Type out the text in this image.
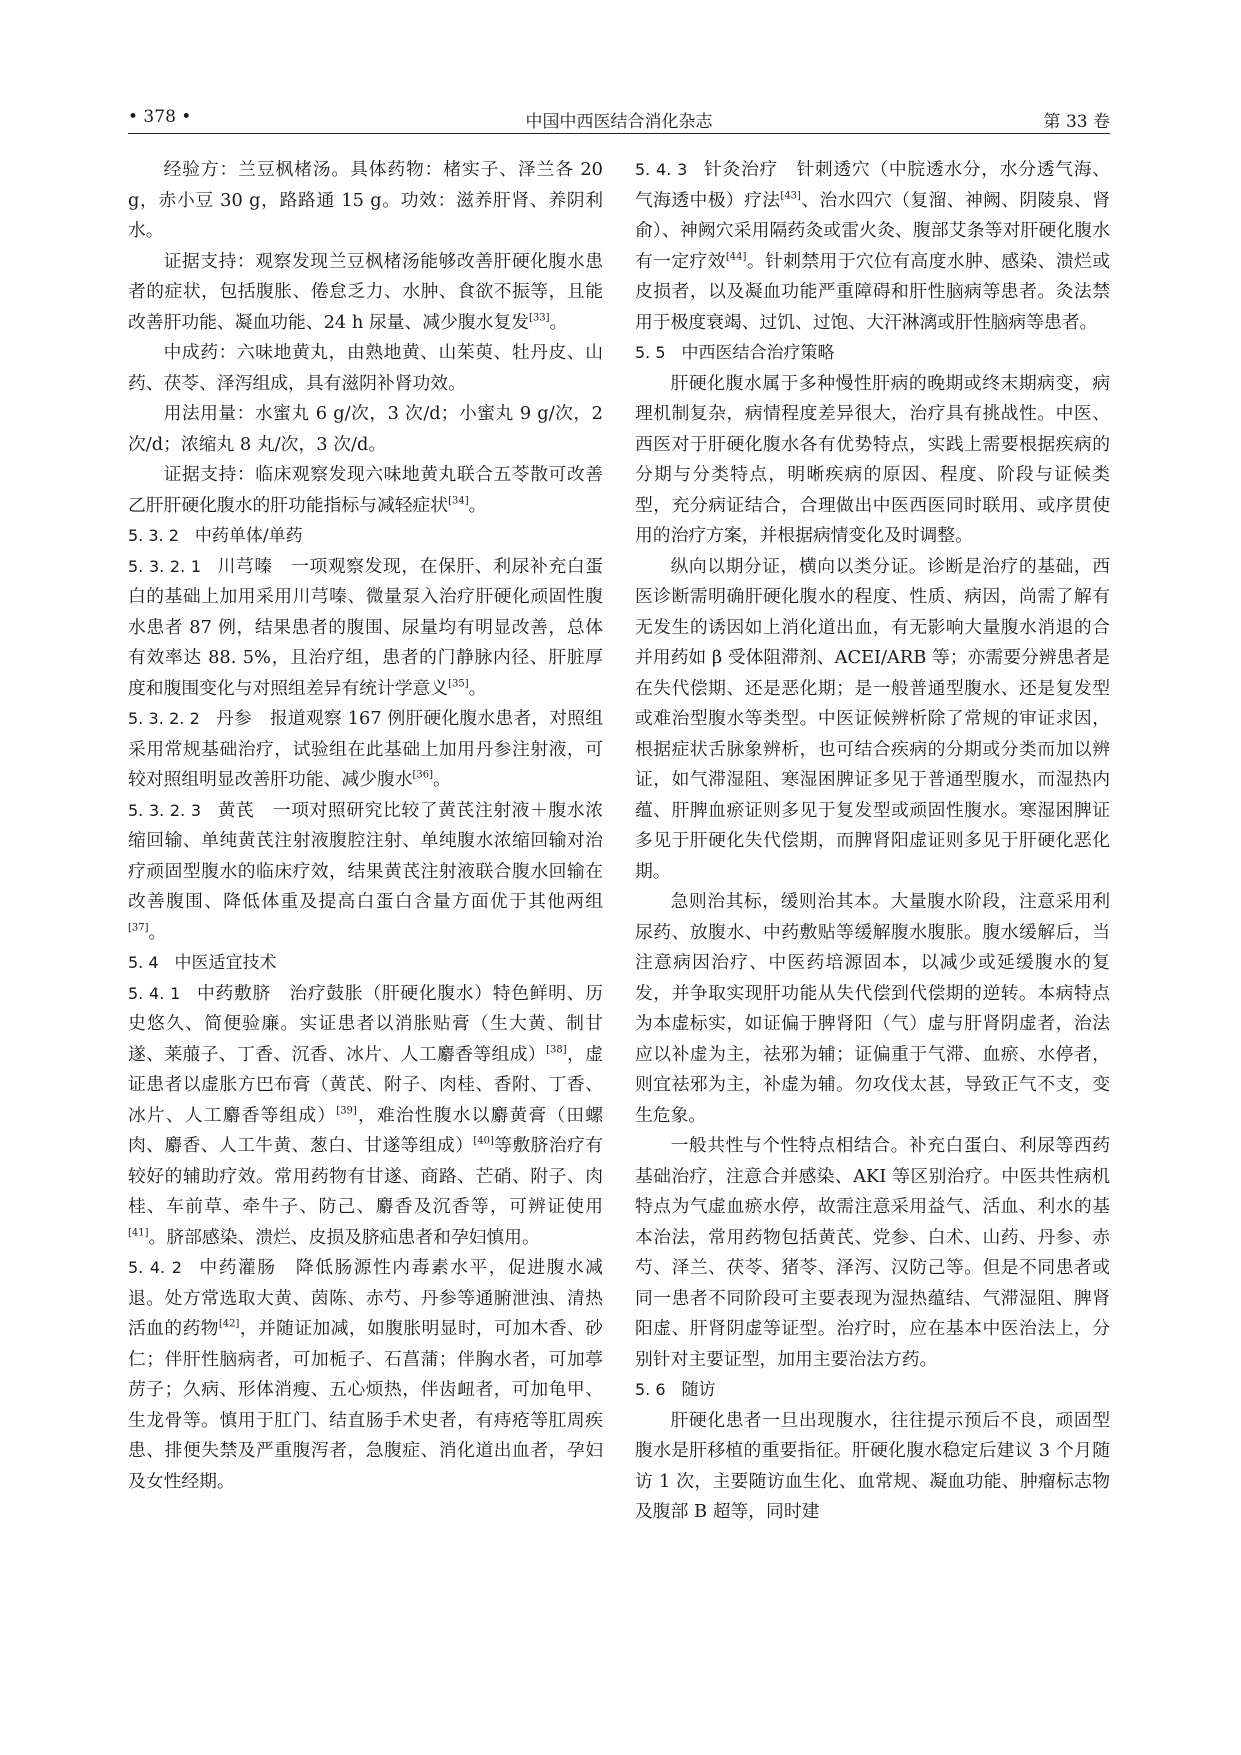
• 378 •	中国中西医结合消化杂志	第 33 卷

经验方：兰豆枫楮汤。具体药物：楮实子、泽兰各 20 g，赤小豆 30 g，路路通 15 g。功效：滋养肝肾、养阴利水。

证据支持：观察发现兰豆枫楮汤能够改善肝硬化腹水患者的症状，包括腹胀、倦怠乏力、水肿、食欲不振等，且能改善肝功能、凝血功能、24 h 尿量、减少腹水复发[33]。

中成药：六味地黄丸，由熟地黄、山茱萸、牡丹皮、山药、茯苓、泽泻组成，具有滋阴补肾功效。

用法用量：水蜜丸 6 g/次，3 次/d；小蜜丸 9 g/次，2 次/d；浓缩丸 8 丸/次，3 次/d。

证据支持：临床观察发现六味地黄丸联合五苓散可改善乙肝肝硬化腹水的肝功能指标与减轻症状[34]。

5. 3. 2 中药单体/单药

5. 3. 2. 1 川芎嗪 一项观察发现，在保肝、利尿补充白蛋白的基础上加用采用川芎嗪、微量泵入治疗肝硬化顽固性腹水患者 87 例，结果患者的腹围、尿量均有明显改善，总体有效率达 88. 5%，且治疗组，患者的门静脉内径、肝脏厚度和腹围变化与对照组差异有统计学意义[35]。

5. 3. 2. 2 丹参 报道观察 167 例肝硬化腹水患者，对照组采用常规基础治疗，试验组在此基础上加用丹参注射液，可较对照组明显改善肝功能、减少腹水[36]。

5. 3. 2. 3 黄芪 一项对照研究比较了黄芪注射液＋腹水浓缩回输、单纯黄芪注射液腹腔注射、单纯腹水浓缩回输对治疗顽固型腹水的临床疗效，结果黄芪注射液联合腹水回输在改善腹围、降低体重及提高白蛋白含量方面优于其他两组[37]。

5. 4 中医适宜技术

5. 4. 1 中药敷脐 治疗鼓胀（肝硬化腹水）特色鲜明、历史悠久、简便验廉。实证患者以消胀贴膏（生大黄、制甘遂、莱菔子、丁香、沉香、冰片、人工麝香等组成）[38]，虚证患者以虚胀方巴布膏（黄芪、附子、肉桂、香附、丁香、冰片、人工麝香等组成）[39]，难治性腹水以麝黄膏（田螺肉、麝香、人工牛黄、葱白、甘遂等组成）[40]等敷脐治疗有较好的辅助疗效。常用药物有甘遂、商路、芒硝、附子、肉桂、车前草、牵牛子、防己、麝香及沉香等，可辨证使用[41]。脐部感染、溃烂、皮损及脐疝患者和孕妇慎用。

5. 4. 2 中药灌肠 降低肠源性内毒素水平，促进腹水减退。处方常选取大黄、茵陈、赤芍、丹参等通腑泄浊、清热活血的药物[42]，并随证加减，如腹胀明显时，可加木香、砂仁；伴肝性脑病者，可加栀子、石菖蒲；伴胸水者，可加葶苈子；久病、形体消瘦、五心烦热，伴齿衄者，可加龟甲、生龙骨等。慎用于肛门、结直肠手术史者，有痔疮等肛周疾患、排便失禁及严重腹泻者，急腹症、消化道出血者，孕妇及女性经期。

5. 4. 3 针灸治疗 针刺透穴（中脘透水分，水分透气海、气海透中极）疗法[43]、治水四穴（复溜、神阙、阴陵泉、肾俞）、神阙穴采用隔药灸或雷火灸、腹部艾条等对肝硬化腹水有一定疗效[44]。针刺禁用于穴位有高度水肿、感染、溃烂或皮损者，以及凝血功能严重障碍和肝性脑病等患者。灸法禁用于极度衰竭、过饥、过饱、大汗淋漓或肝性脑病等患者。

5. 5 中西医结合治疗策略

肝硬化腹水属于多种慢性肝病的晚期或终末期病变，病理机制复杂，病情程度差异很大，治疗具有挑战性。中医、西医对于肝硬化腹水各有优势特点，实践上需要根据疾病的分期与分类特点，明晰疾病的原因、程度、阶段与证候类型，充分病证结合，合理做出中医西医同时联用、或序贯使用的治疗方案，并根据病情变化及时调整。

纵向以期分证，横向以类分证。诊断是治疗的基础，西医诊断需明确肝硬化腹水的程度、性质、病因，尚需了解有无发生的诱因如上消化道出血，有无影响大量腹水消退的合并用药如 β 受体阻滞剂、ACEI/ARB 等；亦需要分辨患者是在失代偿期、还是恶化期；是一般普通型腹水、还是复发型或难治型腹水等类型。中医证候辨析除了常规的审证求因，根据症状舌脉象辨析，也可结合疾病的分期或分类而加以辨证，如气滞湿阻、寒湿困脾证多见于普通型腹水，而湿热内蕴、肝脾血瘀证则多见于复发型或顽固性腹水。寒湿困脾证多见于肝硬化失代偿期，而脾肾阳虚证则多见于肝硬化恶化期。

急则治其标，缓则治其本。大量腹水阶段，注意采用利尿药、放腹水、中药敷贴等缓解腹水腹胀。腹水缓解后，当注意病因治疗、中医药培源固本，以减少或延缓腹水的复发，并争取实现肝功能从失代偿到代偿期的逆转。本病特点为本虚标实，如证偏于脾肾阳（气）虚与肝肾阴虚者，治法应以补虚为主，祛邪为辅；证偏重于气滞、血瘀、水停者，则宜祛邪为主，补虚为辅。勿攻伐太甚，导致正气不支，变生危象。

一般共性与个性特点相结合。补充白蛋白、利尿等西药基础治疗，注意合并感染、AKI 等区别治疗。中医共性病机特点为气虚血瘀水停，故需注意采用益气、活血、利水的基本治法，常用药物包括黄芪、党参、白术、山药、丹参、赤芍、泽兰、茯苓、猪苓、泽泻、汉防己等。但是不同患者或同一患者不同阶段可主要表现为湿热蕴结、气滞湿阻、脾肾阳虚、肝肾阴虚等证型。治疗时，应在基本中医治法上，分别针对主要证型，加用主要治法方药。

5. 6 随访

肝硬化患者一旦出现腹水，往往提示预后不良，顽固型腹水是肝移植的重要指征。肝硬化腹水稳定后建议 3 个月随访 1 次，主要随访血生化、血常规、凝血功能、肿瘤标志物及腹部 B 超等，同时建
